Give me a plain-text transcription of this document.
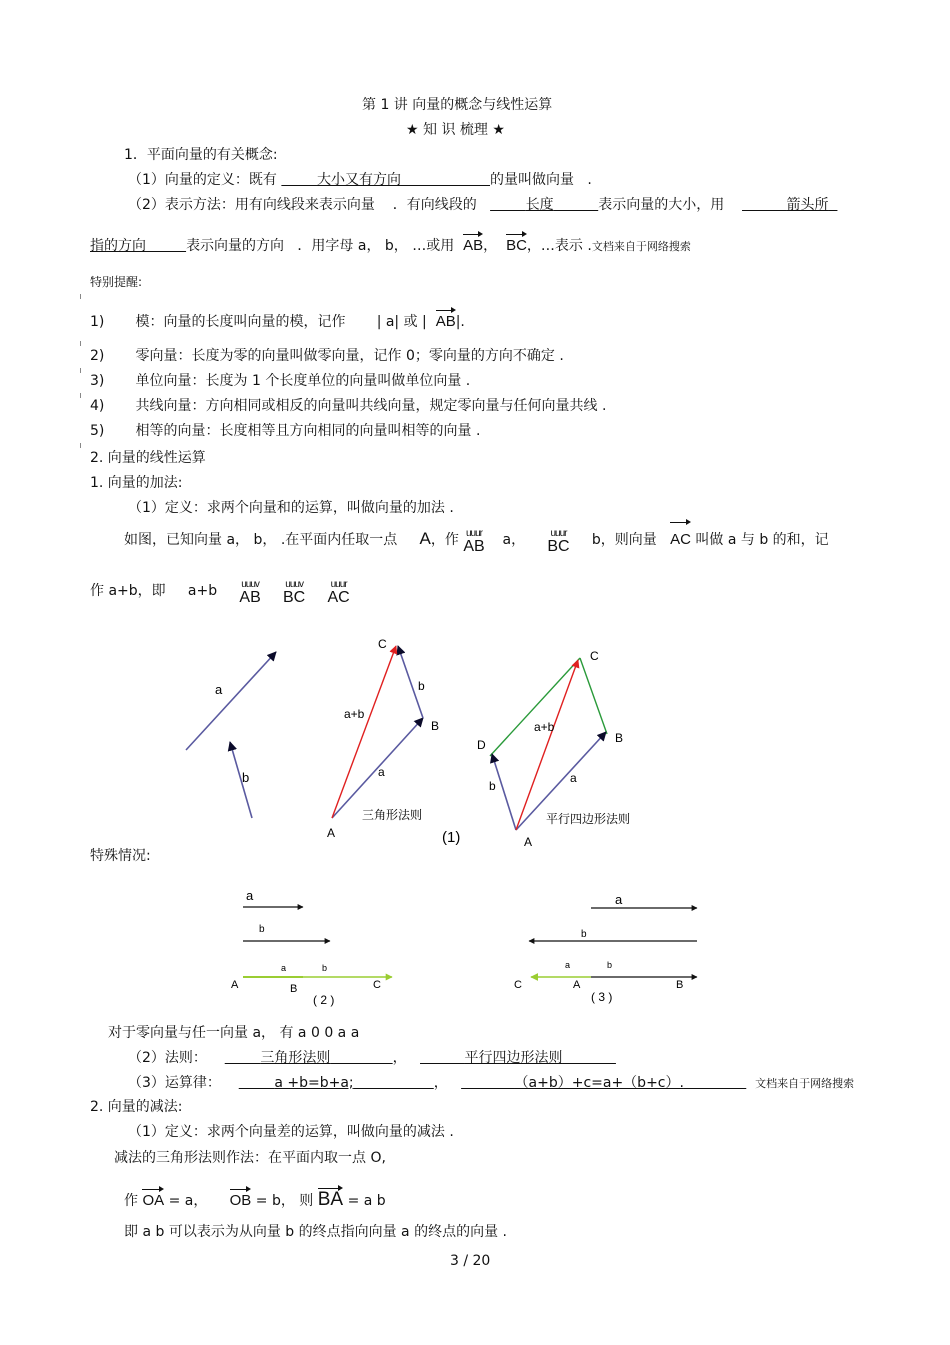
第 1 讲 向量的概念与线性运算
★ 知 识 梳理 ★
1．平面向量的有关概念:
（1）向量的定义：既有	大小又有方向	的量叫做向量   .
（2）表示方法：用有向线段来表示向量 ．有向线段的	长度	表示向量的大小，用	箭头所
指的方向	表示向量的方向 ．用字母 a， b， …或用 AB，  BC，…表示 .文档来自于网络搜索
特别提醒:
1) 模：向量的长度叫向量的模，记作 | a| 或 | AB|.
2) 零向量：长度为零的向量叫做零向量，记作 0；零向量的方向不确定 .
3) 单位向量：长度为 1 个长度单位的向量叫做单位向量 .
4) 共线向量：方向相同或相反的向量叫共线向量，规定零向量与任何向量共线 .
5) 相等的向量：长度相等且方向相同的向量叫相等的向量 .
2. 向量的线性运算
1. 向量的加法:
（1）定义：求两个向量和的运算，叫做向量的加法 .
如图，已知向量 a， b， .在平面内任取一点 A，作 uuur
AB a，	uuur
BC b，则向量 AC 叫做 a 与 b 的和，记
作 a+b，即 a+b uuuv
AB

uuuv
BC

uuur
AC
a
b
C
b
a+b
B
a
三角形法则
A	(1)
C
a+b
D	B
a
b
平行四边形法则
A
特殊情况:
a
b
a	b
A	B	C
( 2 )
a
b
a	b
C	A	B
( 3 )
对于零向量与任一向量 a， 有 a 0 0 a a
（2）法则：	三角形法则	，	平行四边形法则
（3）运算律：	a +b=b+a;	，	（a+b）+c=a+（b+c）.	文档来自于网络搜索
2. 向量的减法:
（1）定义：求两个向量差的运算，叫做向量的减法 .
减法的三角形法则作法：在平面内取一点 O,
作 OA = a， OB = b， 则 BA = a b
即 a b 可以表示为从向量 b 的终点指向向量 a 的终点的向量 .
3 / 20
